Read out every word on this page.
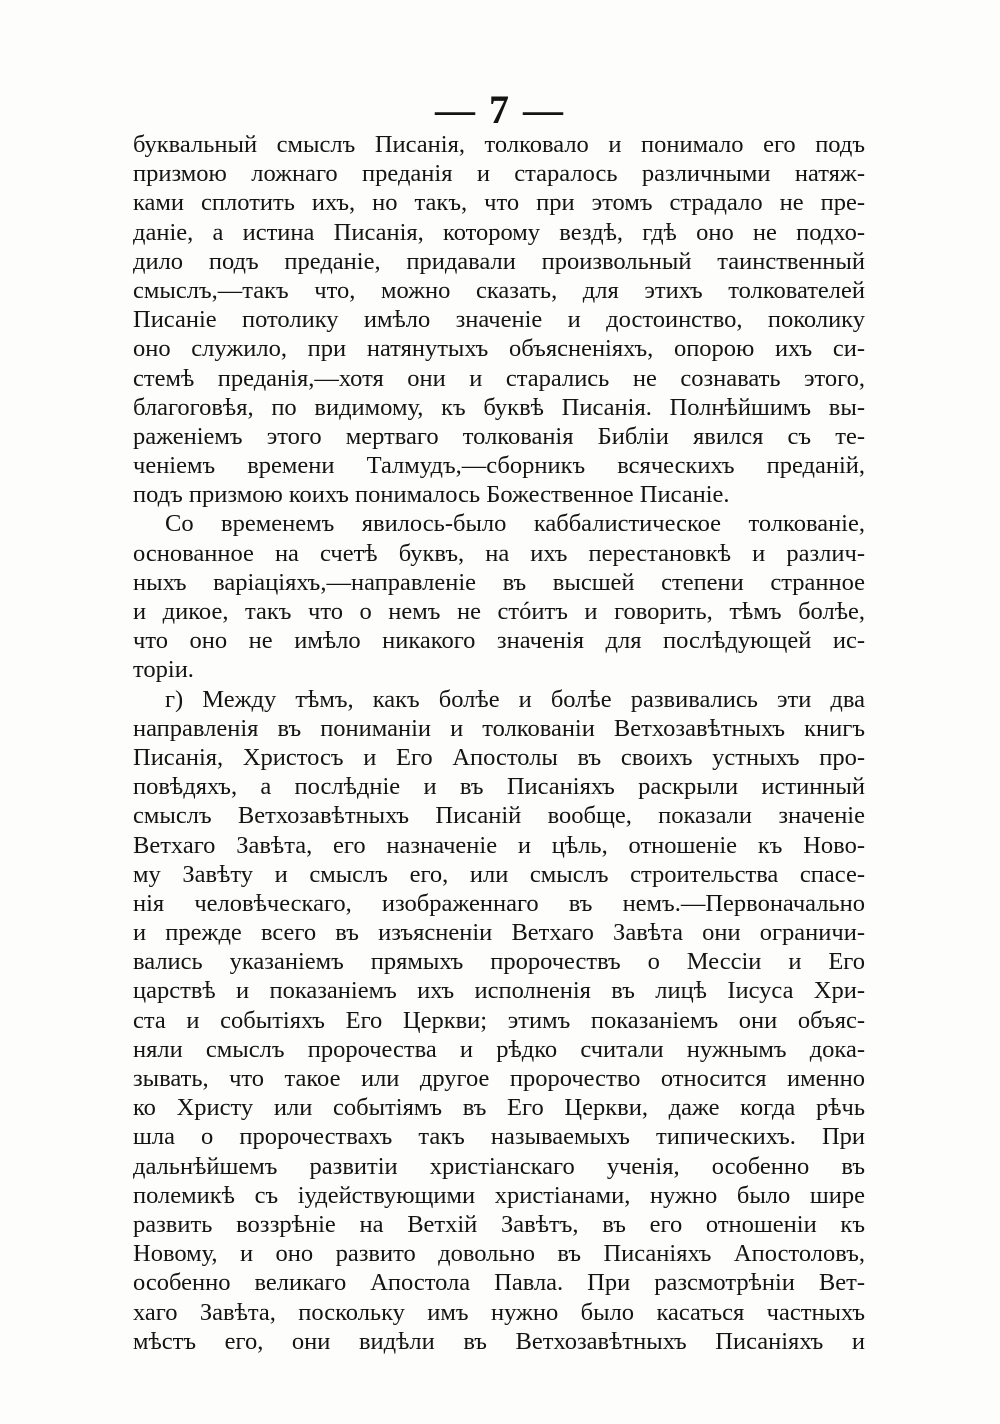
— 7 —
буквальный смыслъ Писанія, толковало и понимало его подъ
призмою ложнаго преданія и старалось различными натяж-
ками сплотить ихъ, но такъ, что при этомъ страдало не пре-
даніе, а истина Писанія, которому вездѣ, гдѣ оно не подхо-
дило подъ преданіе, придавали произвольный таинственный
смыслъ,—такъ что, можно сказать, для этихъ толкователей
Писаніе потолику имѣло значеніе и достоинство, поколику
оно служило, при натянутыхъ объясненіяхъ, опорою ихъ си-
стемѣ преданія,—хотя они и старались не сознавать этого,
благоговѣя, по видимому, къ буквѣ Писанія. Полнѣйшимъ вы-
раженіемъ этого мертваго толкованія Библіи явился съ те-
ченіемъ времени Талмудъ,—сборникъ всяческихъ преданій,
подъ призмою коихъ понималось Божественное Писаніе.
Со временемъ явилось-было каббалистическое толкованіе,
основанное на счетѣ буквъ, на ихъ перестановкѣ и различ-
ныхъ варіаціяхъ,—направленіе въ высшей степени странное
и дикое, такъ что о немъ не стóитъ и говорить, тѣмъ болѣе,
что оно не имѣло никакого значенія для послѣдующей ис-
торіи.
г) Между тѣмъ, какъ болѣе и болѣе развивались эти два
направленія въ пониманіи и толкованіи Ветхозавѣтныхъ книгъ
Писанія, Христосъ и Его Апостолы въ своихъ устныхъ про-
повѣдяхъ, а послѣдніе и въ Писаніяхъ раскрыли истинный
смыслъ Ветхозавѣтныхъ Писаній вообще, показали значеніе
Ветхаго Завѣта, его назначеніе и цѣль, отношеніе къ Ново-
му Завѣту и смыслъ его, или смыслъ строительства спасе-
нія человѣческаго, изображеннаго въ немъ.—Первоначально
и прежде всего въ изъясненіи Ветхаго Завѣта они ограничи-
вались указаніемъ прямыхъ пророчествъ о Мессіи и Его
царствѣ и показаніемъ ихъ исполненія въ лицѣ Іисуса Хри-
ста и событіяхъ Его Церкви; этимъ показаніемъ они объяс-
няли смыслъ пророчества и рѣдко считали нужнымъ дока-
зывать, что такое или другое пророчество относится именно
ко Христу или событіямъ въ Его Церкви, даже когда рѣчь
шла о пророчествахъ такъ называемыхъ типическихъ. При
дальнѣйшемъ развитіи христіанскаго ученія, особенно въ
полемикѣ съ іудействующими христіанами, нужно было шире
развить воззрѣніе на Ветхій Завѣтъ, въ его отношеніи къ
Новому, и оно развито довольно въ Писаніяхъ Апостоловъ,
особенно великаго Апостола Павла. При разсмотрѣніи Вет-
хаго Завѣта, поскольку имъ нужно было касаться частныхъ
мѣстъ его, они видѣли въ Ветхозавѣтныхъ Писаніяхъ и
